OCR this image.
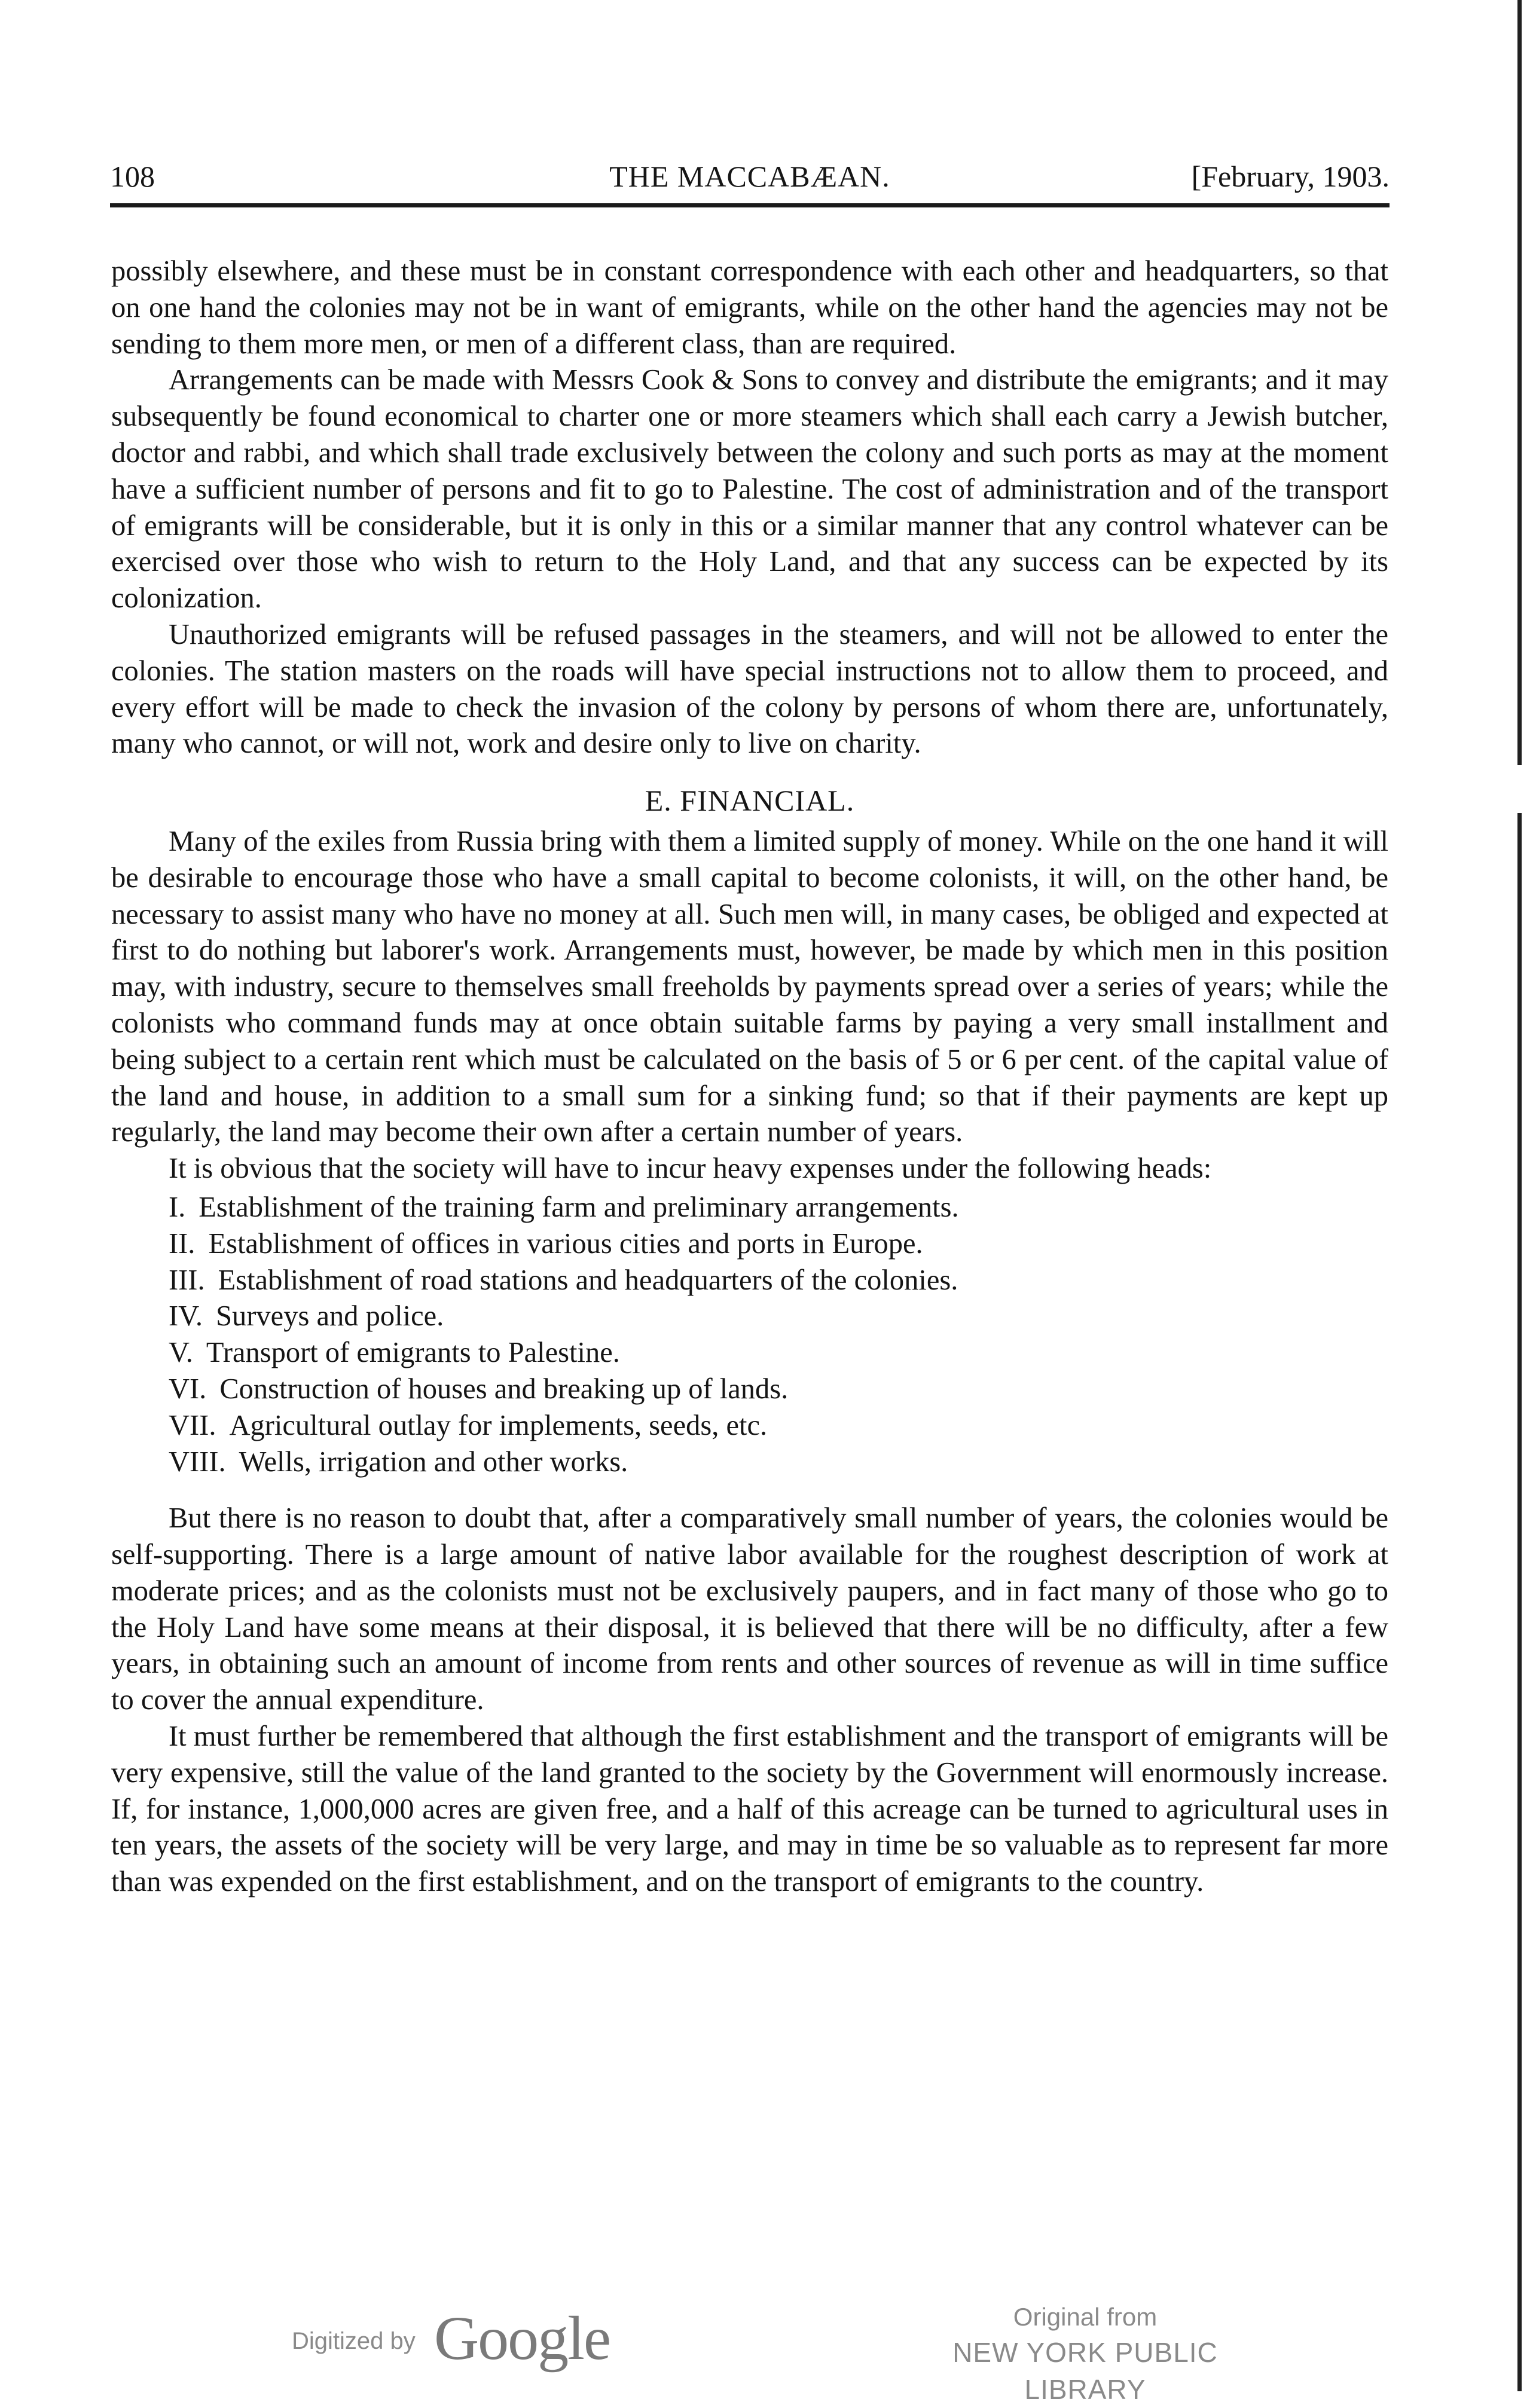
108	THE MACCABÆAN.	[February, 1903.

possibly elsewhere, and these must be in constant correspondence with each other and headquarters, so that on one hand the colonies may not be in want of emigrants, while on the other hand the agencies may not be sending to them more men, or men of a different class, than are required.

Arrangements can be made with Messrs Cook & Sons to convey and distribute the emigrants; and it may subsequently be found economical to charter one or more steamers which shall each carry a Jewish butcher, doctor and rabbi, and which shall trade exclusively between the colony and such ports as may at the moment have a sufficient number of persons and fit to go to Palestine. The cost of administration and of the transport of emigrants will be considerable, but it is only in this or a similar manner that any control whatever can be exercised over those who wish to return to the Holy Land, and that any success can be expected by its colonization.

Unauthorized emigrants will be refused passages in the steamers, and will not be allowed to enter the colonies. The station masters on the roads will have special instructions not to allow them to proceed, and every effort will be made to check the invasion of the colony by persons of whom there are, unfortunately, many who cannot, or will not, work and desire only to live on charity.

E. FINANCIAL.

Many of the exiles from Russia bring with them a limited supply of money. While on the one hand it will be desirable to encourage those who have a small capital to become colonists, it will, on the other hand, be necessary to assist many who have no money at all. Such men will, in many cases, be obliged and expected at first to do nothing but laborer's work. Arrangements must, however, be made by which men in this position may, with industry, secure to themselves small freeholds by payments spread over a series of years; while the colonists who command funds may at once obtain suitable farms by paying a very small installment and being subject to a certain rent which must be calculated on the basis of 5 or 6 per cent. of the capital value of the land and house, in addition to a small sum for a sinking fund; so that if their payments are kept up regularly, the land may become their own after a certain number of years.

It is obvious that the society will have to incur heavy expenses under the following heads:

I. Establishment of the training farm and preliminary arrangements.
II. Establishment of offices in various cities and ports in Europe.
III. Establishment of road stations and headquarters of the colonies.
IV. Surveys and police.
V. Transport of emigrants to Palestine.
VI. Construction of houses and breaking up of lands.
VII. Agricultural outlay for implements, seeds, etc.
VIII. Wells, irrigation and other works.

But there is no reason to doubt that, after a comparatively small number of years, the colonies would be self-supporting. There is a large amount of native labor available for the roughest description of work at moderate prices; and as the colonists must not be exclusively paupers, and in fact many of those who go to the Holy Land have some means at their disposal, it is believed that there will be no difficulty, after a few years, in obtaining such an amount of income from rents and other sources of revenue as will in time suffice to cover the annual expenditure.

It must further be remembered that although the first establishment and the transport of emigrants will be very expensive, still the value of the land granted to the society by the Government will enormously increase. If, for instance, 1,000,000 acres are given free, and a half of this acreage can be turned to agricultural uses in ten years, the assets of the society will be very large, and may in time be so valuable as to represent far more than was expended on the first establishment, and on the transport of emigrants to the country.

Digitized by Google	Original from
NEW YORK PUBLIC LIBRARY
